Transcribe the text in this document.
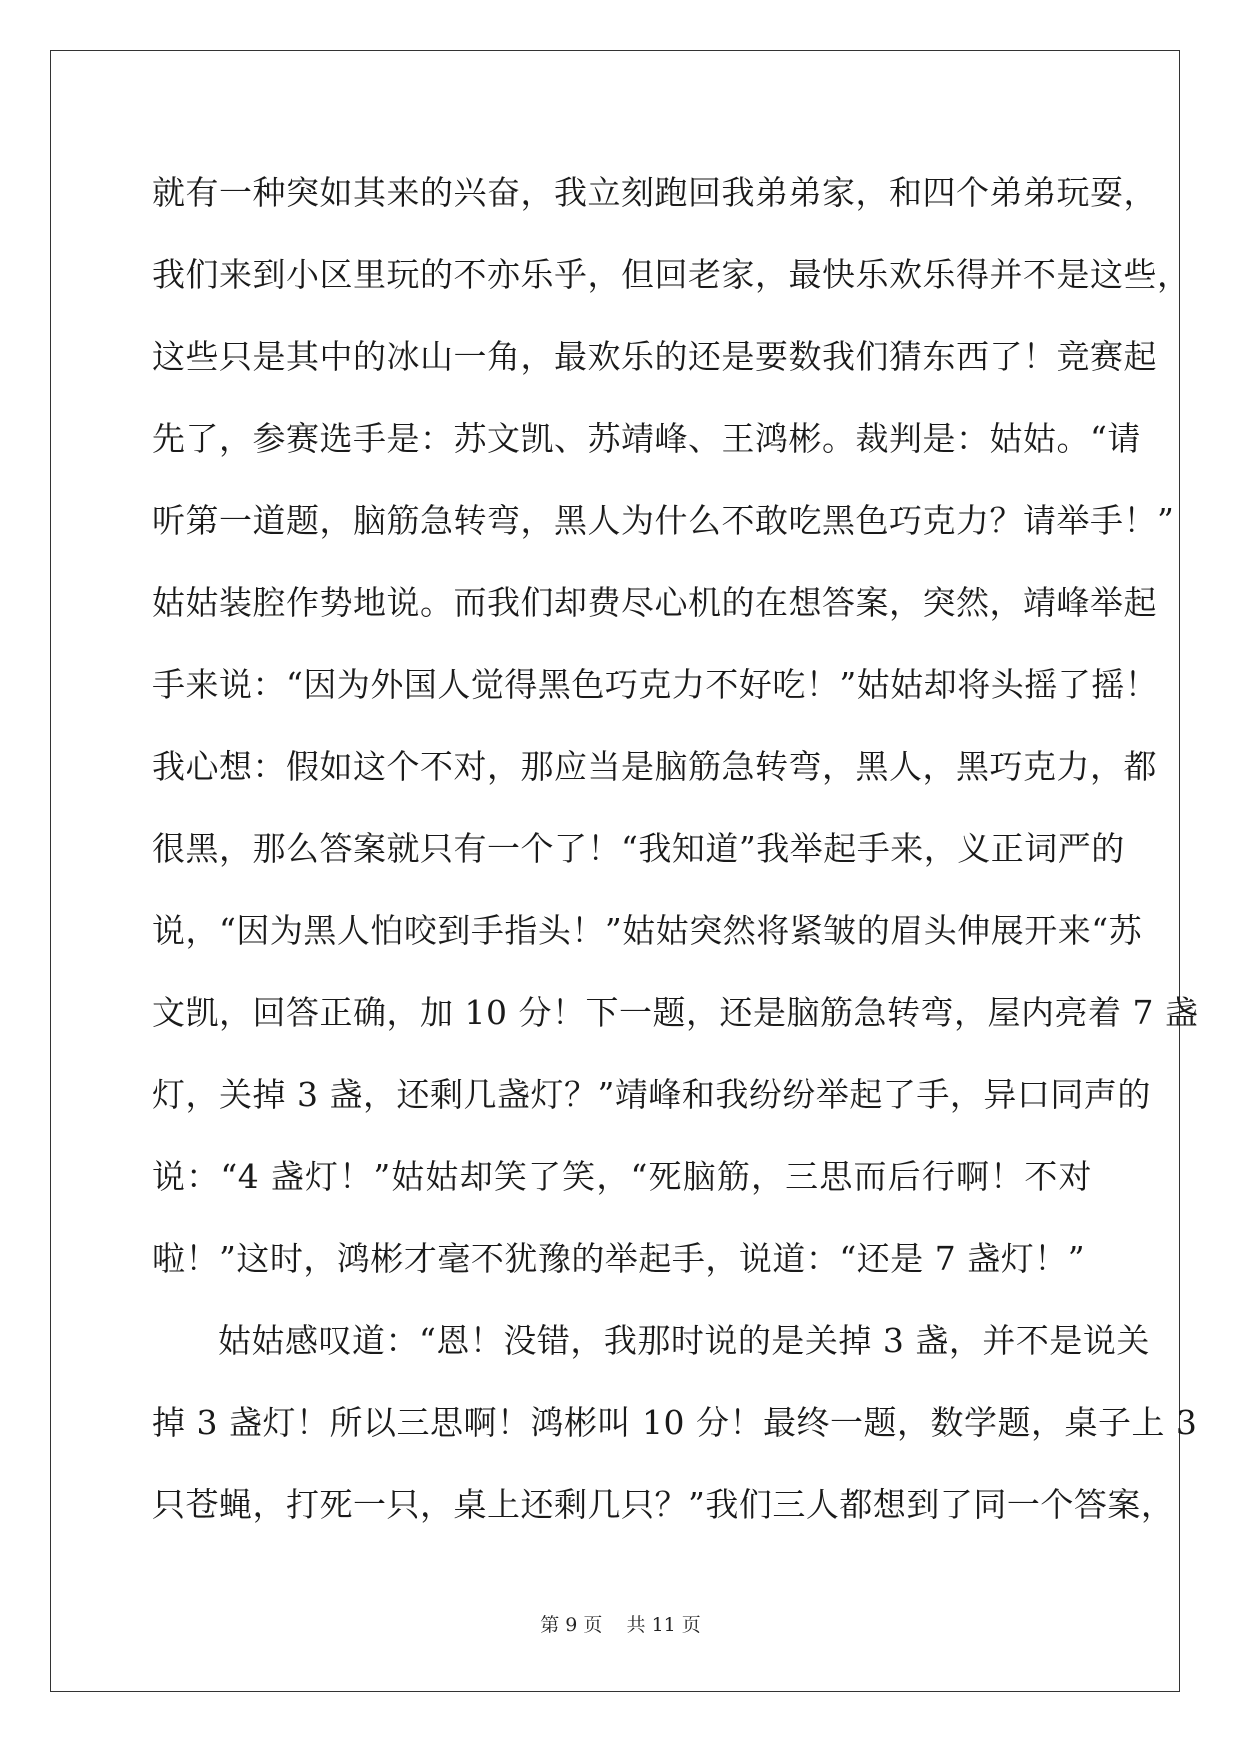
就有一种突如其来的兴奋，我立刻跑回我弟弟家，和四个弟弟玩耍，
我们来到小区里玩的不亦乐乎，但回老家，最快乐欢乐得并不是这些，
这些只是其中的冰山一角，最欢乐的还是要数我们猜东西了！竞赛起
先了，参赛选手是：苏文凯、苏靖峰、王鸿彬。裁判是：姑姑。“请
听第一道题，脑筋急转弯，黑人为什么不敢吃黑色巧克力？请举手！”
姑姑装腔作势地说。而我们却费尽心机的在想答案，突然，靖峰举起
手来说：“因为外国人觉得黑色巧克力不好吃！”姑姑却将头摇了摇！
我心想：假如这个不对，那应当是脑筋急转弯，黑人，黑巧克力，都
很黑，那么答案就只有一个了！“我知道”我举起手来，义正词严的
说，“因为黑人怕咬到手指头！”姑姑突然将紧皱的眉头伸展开来“苏
文凯，回答正确，加 10 分！下一题，还是脑筋急转弯，屋内亮着 7 盏
灯，关掉 3 盏，还剩几盏灯？”靖峰和我纷纷举起了手，异口同声的
说：“4 盏灯！”姑姑却笑了笑，“死脑筋，三思而后行啊！不对
啦！”这时，鸿彬才毫不犹豫的举起手，说道：“还是 7 盏灯！”
姑姑感叹道：“恩！没错，我那时说的是关掉 3 盏，并不是说关
掉 3 盏灯！所以三思啊！鸿彬叫 10 分！最终一题，数学题，桌子上 3
只苍蝇，打死一只，桌上还剩几只？”我们三人都想到了同一个答案，
第 9 页 共 11 页
